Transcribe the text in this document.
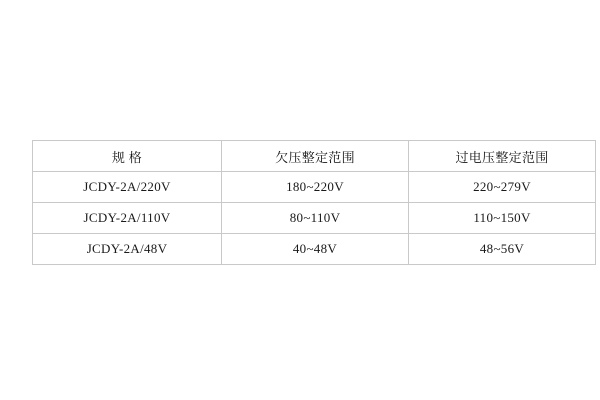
规 格	欠压整定范围	过电压整定范围
JCDY-2A/220V	180~220V	220~279V
JCDY-2A/110V	80~110V	110~150V
JCDY-2A/48V	40~48V	48~56V
